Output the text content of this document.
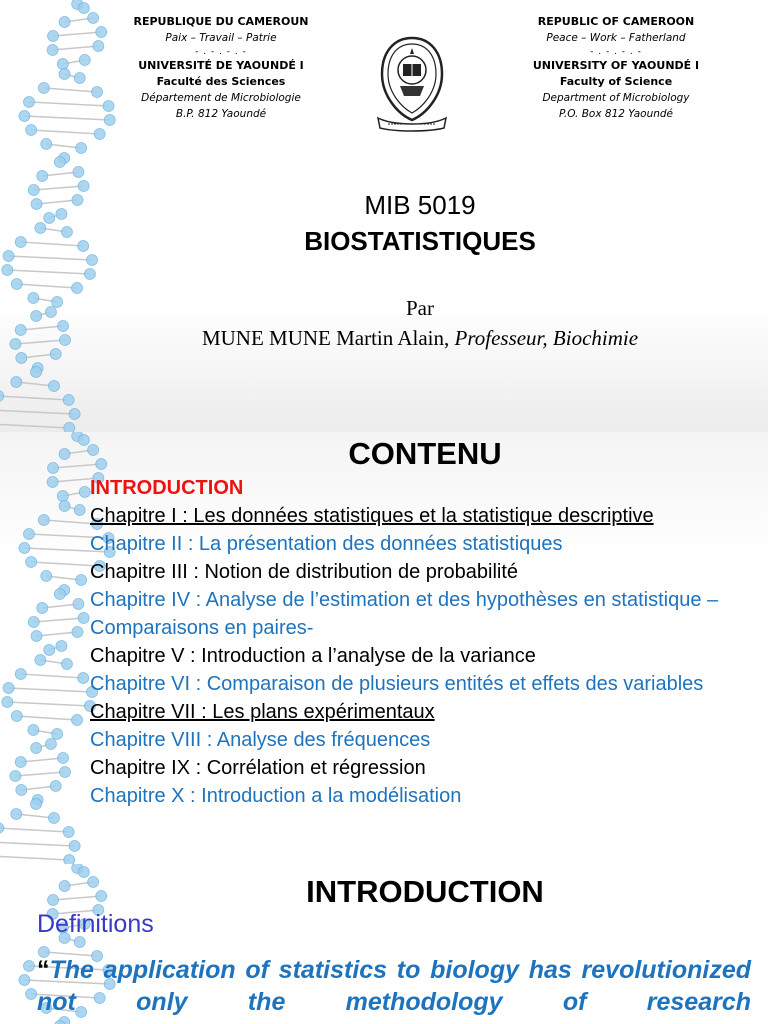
REPUBLIQUE DU CAMEROUN
Paix – Travail – Patrie
- . - . - . -
UNIVERSITÉ DE YAOUNDÉ I
Faculté des Sciences
Département de Microbiologie
B.P. 812 Yaoundé
REPUBLIC OF CAMEROON
Peace – Work – Fatherland
- . - . - . -
UNIVERSITY OF YAOUNDÉ I
Faculty of Science
Department of Microbiology
P.O. Box 812 Yaoundé
MIB 5019
BIOSTATISTIQUES
Par
MUNE MUNE Martin Alain, Professeur, Biochimie
CONTENU
INTRODUCTION
Chapitre I : Les données statistiques et la statistique descriptive
Chapitre II : La présentation des données statistiques
Chapitre III : Notion de distribution de probabilité
Chapitre IV : Analyse de l’estimation et des hypothèses en statistique – Comparaisons en paires-
Chapitre V : Introduction a l’analyse de la variance
Chapitre VI : Comparaison de plusieurs entités et effets des variables
Chapitre VII : Les plans expérimentaux
Chapitre VIII : Analyse des fréquences
Chapitre IX : Corrélation et régression
Chapitre X : Introduction a la modélisation
INTRODUCTION
Definitions
“The application of statistics to biology has revolutionized not only the methodology of research
